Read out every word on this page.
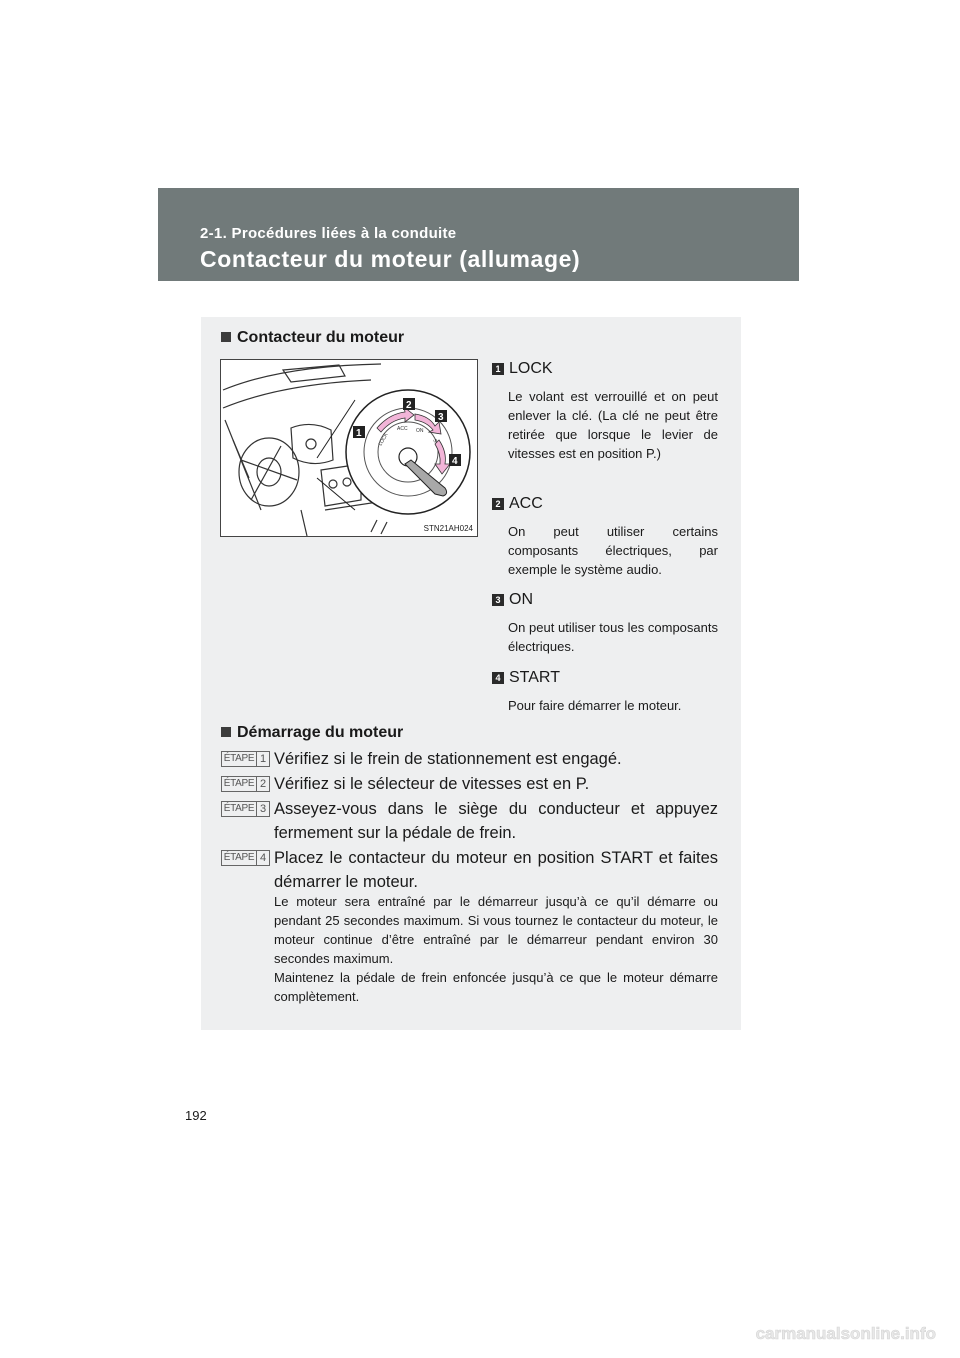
2-1. Procédures liées à la conduite
Contacteur du moteur (allumage)
Contacteur du moteur
LOCK
ACC ON
1
2
3
4
STN21AH024
1 LOCK
Le volant est verrouillé et on peut enlever la clé. (La clé ne peut être retirée que lorsque le levier de vitesses est en position P.)
2 ACC
On peut utiliser certains composants électriques, par exemple le système audio.
3 ON
On peut utiliser tous les composants électriques.
4 START
Pour faire démarrer le moteur.
Démarrage du moteur
ÉTAPE 1 Vérifiez si le frein de stationnement est engagé.
ÉTAPE 2 Vérifiez si le sélecteur de vitesses est en P.
ÉTAPE 3 Asseyez-vous dans le siège du conducteur et appuyez fermement sur la pédale de frein.
ÉTAPE 4 Placez le contacteur du moteur en position START et faites démarrer le moteur.
Le moteur sera entraîné par le démarreur jusqu’à ce qu’il démarre ou pendant 25 secondes maximum. Si vous tournez le contacteur du moteur, le moteur continue d’être entraîné par le démarreur pendant environ 30 secondes maximum.
Maintenez la pédale de frein enfoncée jusqu’à ce que le moteur démarre complètement.
192
carmanualsonline.info
